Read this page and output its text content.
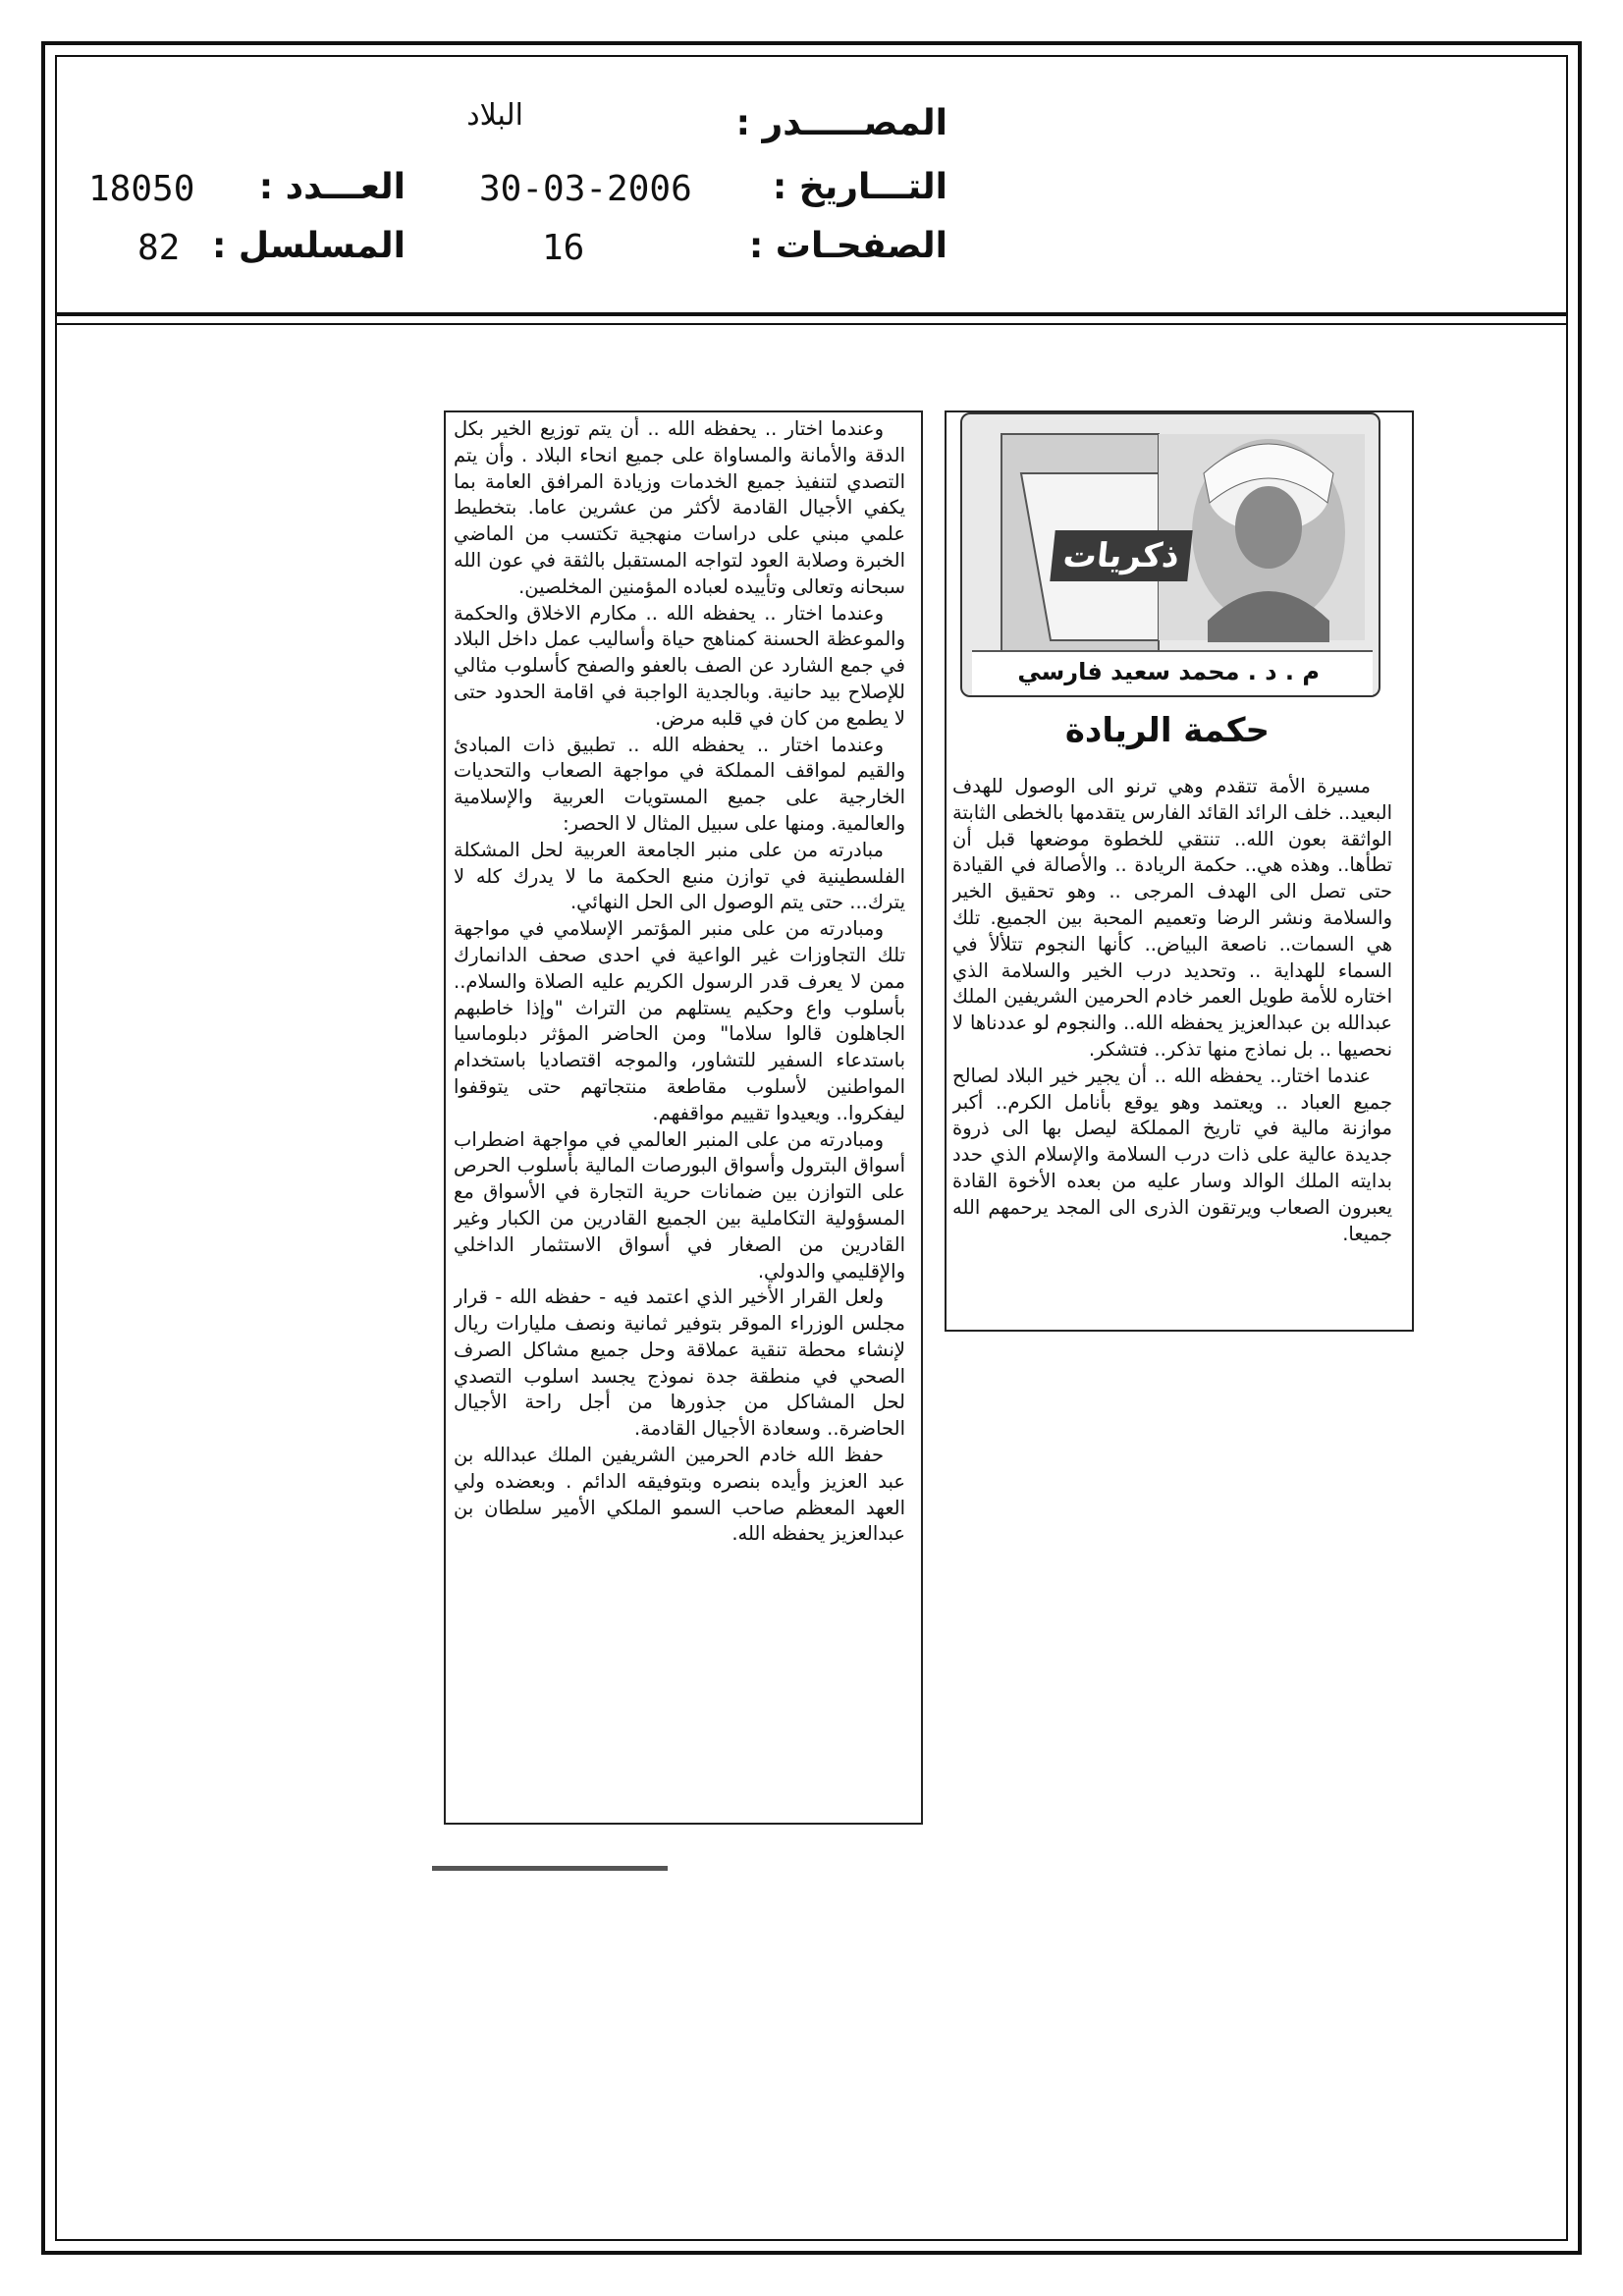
المصـــــدر :
البلاد
التـــاريخ :
30-03-2006
الصفحـات :
16
العـــدد :
18050
المسلسل :
82
ذكريات
م . د . محمد سعيد فارسي
حكمة الريادة

مسيرة الأمة تتقدم وهي ترنو الى الوصول للهدف البعيد.. خلف الرائد القائد الفارس يتقدمها بالخطى الثابتة الواثقة بعون الله.. تنتقي للخطوة موضعها قبل أن تطأها.. وهذه هي.. حكمة الريادة .. والأصالة في القيادة حتى تصل الى الهدف المرجى .. وهو تحقيق الخير والسلامة ونشر الرضا وتعميم المحبة بين الجميع. تلك هي السمات.. ناصعة البياض.. كأنها النجوم تتلألأ في السماء للهداية .. وتحديد درب الخير والسلامة الذي اختاره للأمة طويل العمر خادم الحرمين الشريفين الملك عبدالله بن عبدالعزيز يحفظه الله.. والنجوم لو عددناها لا نحصيها .. بل نماذج منها تذكر.. فتشكر.

عندما اختار.. يحفظه الله .. أن يجير خير البلاد لصالح جميع العباد .. ويعتمد وهو يوقع بأنامل الكرم.. أكبر موازنة مالية في تاريخ المملكة ليصل بها الى ذروة جديدة عالية على ذات درب السلامة والإسلام الذي حدد بدايته الملك الوالد وسار عليه من بعده الأخوة القادة يعبرون الصعاب ويرتقون الذرى الى المجد يرحمهم الله جميعا.

وعندما اختار .. يحفظه الله .. أن يتم توزيع الخير بكل الدقة والأمانة والمساواة على جميع انحاء البلاد . وأن يتم التصدي لتنفيذ جميع الخدمات وزيادة المرافق العامة بما يكفي الأجيال القادمة لأكثر من عشرين عاما. بتخطيط علمي مبني على دراسات منهجية تكتسب من الماضي الخبرة وصلابة العود لتواجه المستقبل بالثقة في عون الله سبحانه وتعالى وتأييده لعباده المؤمنين المخلصين.

وعندما اختار .. يحفظه الله .. مكارم الاخلاق والحكمة والموعظة الحسنة كمناهج حياة وأساليب عمل داخل البلاد في جمع الشارد عن الصف بالعفو والصفح كأسلوب مثالي للإصلاح بيد حانية. وبالجدية الواجبة في اقامة الحدود حتى لا يطمع من كان في قلبه مرض.

وعندما اختار .. يحفظه الله .. تطبيق ذات المبادئ والقيم لمواقف المملكة في مواجهة الصعاب والتحديات الخارجية على جميع المستويات العربية والإسلامية والعالمية. ومنها على سبيل المثال لا الحصر:

مبادرته من على منبر الجامعة العربية لحل المشكلة الفلسطينية في توازن منبع الحكمة ما لا يدرك كله لا يترك... حتى يتم الوصول الى الحل النهائي.

ومبادرته من على منبر المؤتمر الإسلامي في مواجهة تلك التجاوزات غير الواعية في احدى صحف الدانمارك ممن لا يعرف قدر الرسول الكريم عليه الصلاة والسلام.. بأسلوب واع وحكيم يستلهم من التراث "وإذا خاطبهم الجاهلون قالوا سلاما" ومن الحاضر المؤثر دبلوماسيا باستدعاء السفير للتشاور، والموجه اقتصاديا باستخدام المواطنين لأسلوب مقاطعة منتجاتهم حتى يتوقفوا ليفكروا.. ويعيدوا تقييم مواقفهم.

ومبادرته من على المنبر العالمي في مواجهة اضطراب أسواق البترول وأسواق البورصات المالية بأسلوب الحرص على التوازن بين ضمانات حرية التجارة في الأسواق مع المسؤولية التكاملية بين الجميع القادرين من الكبار وغير القادرين من الصغار في أسواق الاستثمار الداخلي والإقليمي والدولي.

ولعل القرار الأخير الذي اعتمد فيه - حفظه الله - قرار مجلس الوزراء الموقر بتوفير ثمانية ونصف مليارات ريال لإنشاء محطة تنقية عملاقة وحل جميع مشاكل الصرف الصحي في منطقة جدة نموذج يجسد اسلوب التصدي لحل المشاكل من جذورها من أجل راحة الأجيال الحاضرة.. وسعادة الأجيال القادمة.

حفظ الله خادم الحرمين الشريفين الملك عبدالله بن عبد العزيز وأيده بنصره وبتوفيقه الدائم . وبعضده ولي العهد المعظم صاحب السمو الملكي الأمير سلطان بن عبدالعزيز يحفظه الله.
